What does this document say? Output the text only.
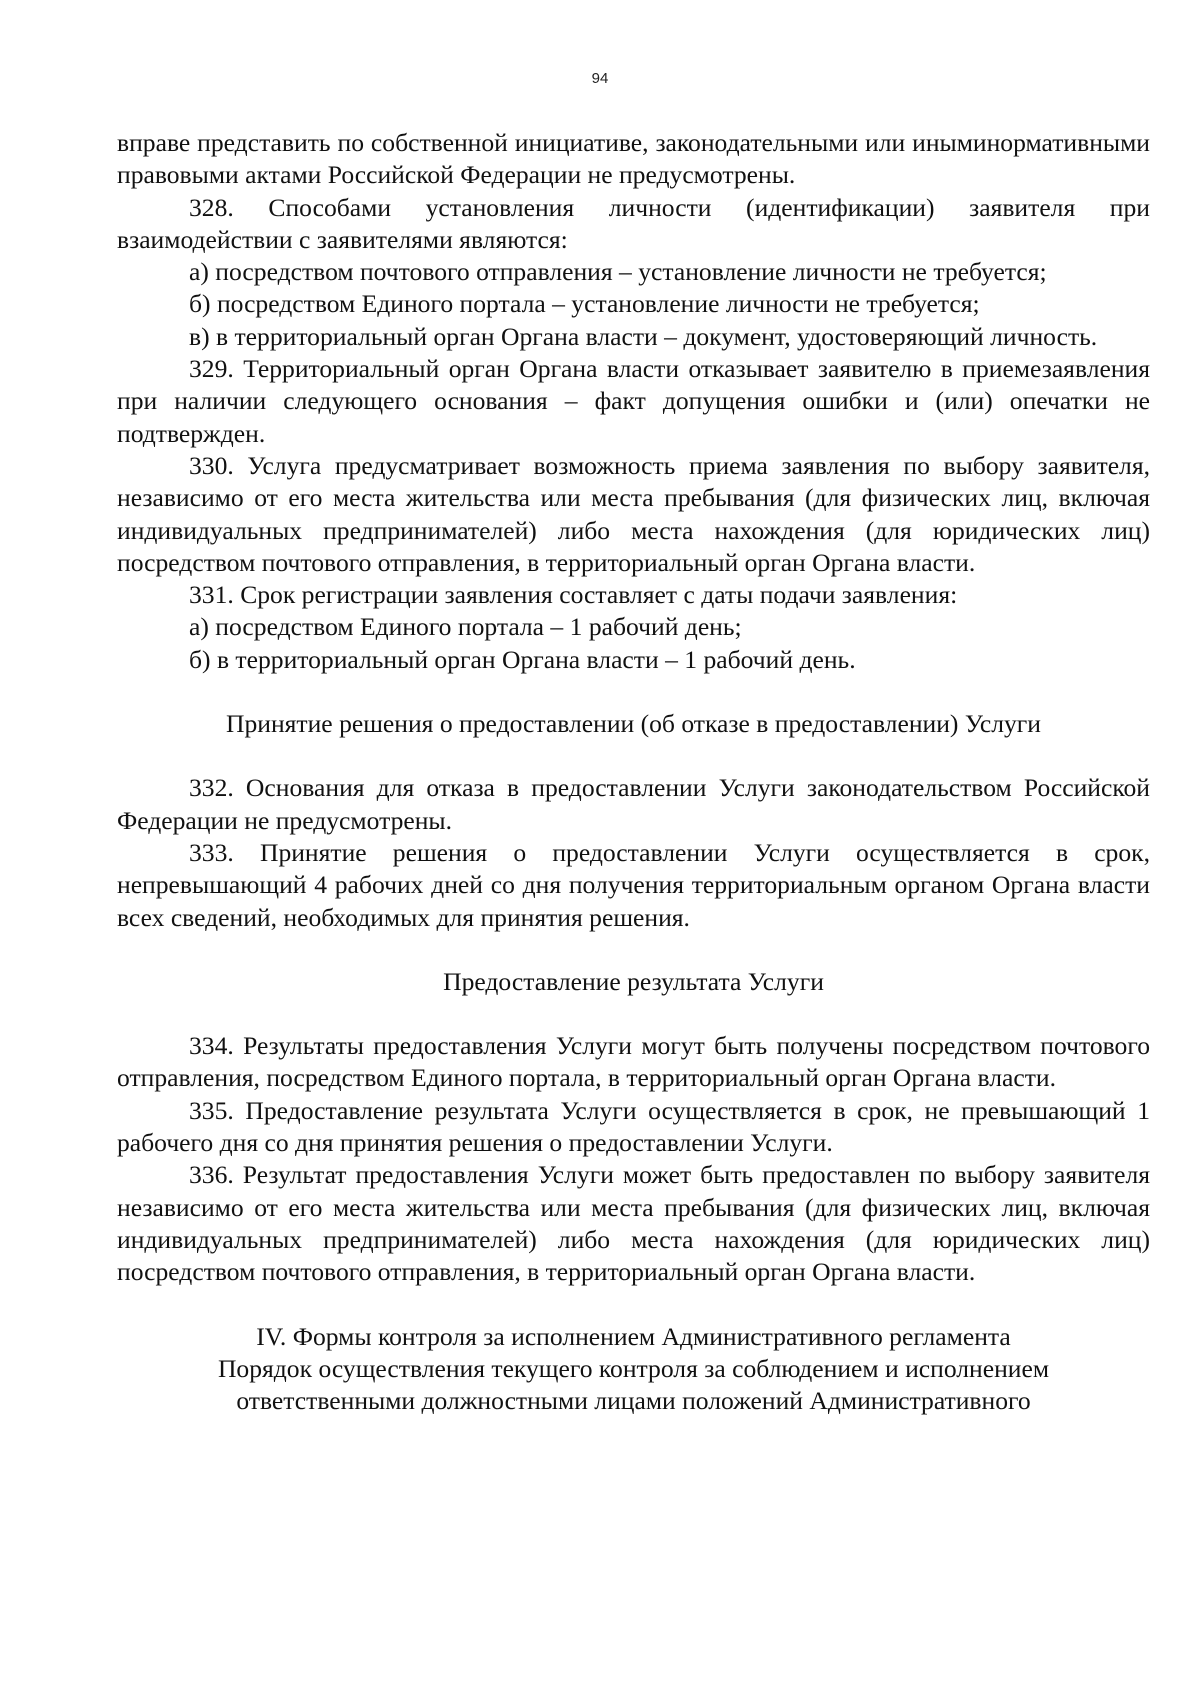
94

вправе представить по собственной инициативе, законодательными или иныминормативными правовыми актами Российской Федерации не предусмотрены.

328. Способами установления личности (идентификации) заявителя при взаимодействии с заявителями являются:

а) посредством почтового отправления – установление личности не требуется;

б) посредством Единого портала – установление личности не требуется;

в) в территориальный орган Органа власти – документ, удостоверяющий личность.

329. Территориальный орган Органа власти отказывает заявителю в приемезаявления при наличии следующего основания – факт допущения ошибки и (или) опечатки не подтвержден.

330. Услуга предусматривает возможность приема заявления по выбору заявителя, независимо от его места жительства или места пребывания (для физических лиц, включая индивидуальных предпринимателей) либо места нахождения (для юридических лиц) посредством почтового отправления, в территориальный орган Органа власти.

331. Срок регистрации заявления составляет с даты подачи заявления:

а) посредством Единого портала – 1 рабочий день;

б) в территориальный орган Органа власти – 1 рабочий день.

Принятие решения о предоставлении (об отказе в предоставлении) Услуги

332. Основания для отказа в предоставлении Услуги законодательством Российской Федерации не предусмотрены.

333. Принятие решения о предоставлении Услуги осуществляется в срок, непревышающий 4 рабочих дней со дня получения территориальным органом Органа власти всех сведений, необходимых для принятия решения.

Предоставление результата Услуги

334. Результаты предоставления Услуги могут быть получены посредством почтового отправления, посредством Единого портала, в территориальный орган Органа власти.

335. Предоставление результата Услуги осуществляется в срок, не превышающий 1 рабочего дня со дня принятия решения о предоставлении Услуги.

336. Результат предоставления Услуги может быть предоставлен по выбору заявителя независимо от его места жительства или места пребывания (для физических лиц, включая индивидуальных предпринимателей) либо места нахождения (для юридических лиц) посредством почтового отправления, в территориальный орган Органа власти.

IV. Формы контроля за исполнением Административного регламента

Порядок осуществления текущего контроля за соблюдением и исполнением

ответственными должностными лицами положений Административного
